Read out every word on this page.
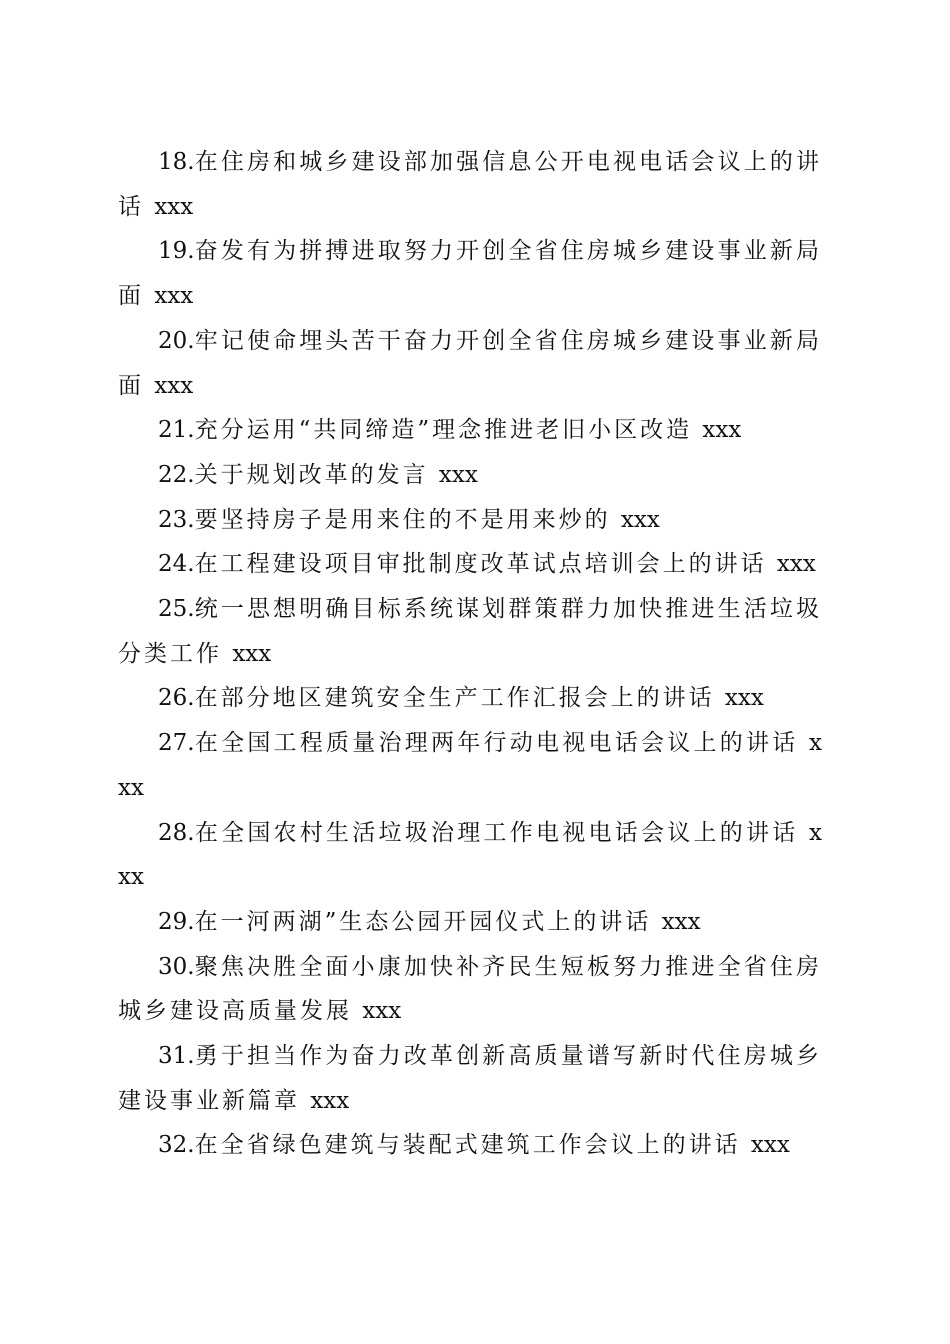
18.在住房和城乡建设部加强信息公开电视电话会议上的讲话 xxx

19.奋发有为拼搏进取努力开创全省住房城乡建设事业新局面 xxx

20.牢记使命埋头苦干奋力开创全省住房城乡建设事业新局面 xxx

21.充分运用“共同缔造”理念推进老旧小区改造 xxx

22.关于规划改革的发言 xxx

23.要坚持房子是用来住的不是用来炒的 xxx

24.在工程建设项目审批制度改革试点培训会上的讲话 xxx

25.统一思想明确目标系统谋划群策群力加快推进生活垃圾分类工作 xxx

26.在部分地区建筑安全生产工作汇报会上的讲话 xxx

27.在全国工程质量治理两年行动电视电话会议上的讲话 xxx

28.在全国农村生活垃圾治理工作电视电话会议上的讲话 xxx

29.在一河两湖”生态公园开园仪式上的讲话 xxx

30.聚焦决胜全面小康加快补齐民生短板努力推进全省住房城乡建设高质量发展 xxx

31.勇于担当作为奋力改革创新高质量谱写新时代住房城乡建设事业新篇章 xxx

32.在全省绿色建筑与装配式建筑工作会议上的讲话 xxx
